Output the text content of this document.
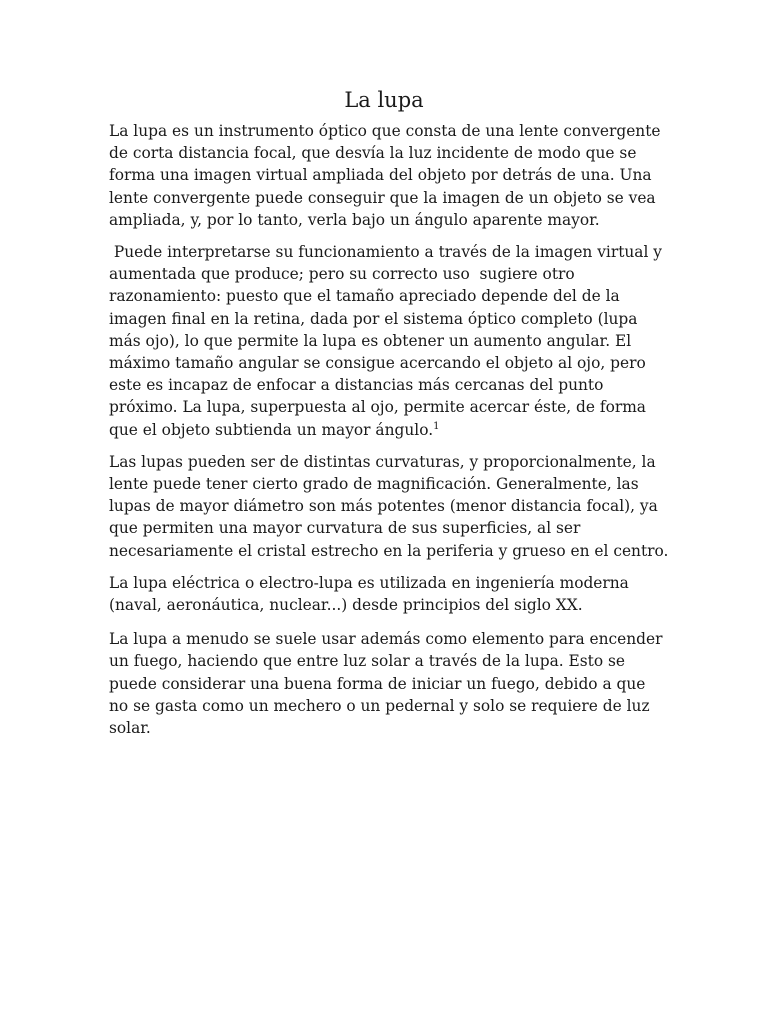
La lupa

La lupa es un instrumento óptico que consta de una lente convergente de corta distancia focal, que desvía la luz incidente de modo que se forma una imagen virtual ampliada del objeto por detrás de una. Una lente convergente puede conseguir que la imagen de un objeto se vea ampliada, y, por lo tanto, verla bajo un ángulo aparente mayor.

Puede interpretarse su funcionamiento a través de la imagen virtual y aumentada que produce; pero su correcto uso  sugiere otro razonamiento: puesto que el tamaño apreciado depende del de la imagen final en la retina, dada por el sistema óptico completo (lupa más ojo), lo que permite la lupa es obtener un aumento angular. El máximo tamaño angular se consigue acercando el objeto al ojo, pero este es incapaz de enfocar a distancias más cercanas del punto próximo. La lupa, superpuesta al ojo, permite acercar éste, de forma que el objeto subtienda un mayor ángulo.$^1$

Las lupas pueden ser de distintas curvaturas, y proporcionalmente, la lente puede tener cierto grado de magnificación. Generalmente, las lupas de mayor diámetro son más potentes (menor distancia focal), ya que permiten una mayor curvatura de sus superficies, al ser necesariamente el cristal estrecho en la periferia y grueso en el centro.

La lupa eléctrica o electro-lupa es utilizada en ingeniería moderna (naval, aeronáutica, nuclear...) desde principios del siglo XX.

La lupa a menudo se suele usar además como elemento para encender un fuego, haciendo que entre luz solar a través de la lupa. Esto se puede considerar una buena forma de iniciar un fuego, debido a que no se gasta como un mechero o un pedernal y solo se requiere de luz solar.
